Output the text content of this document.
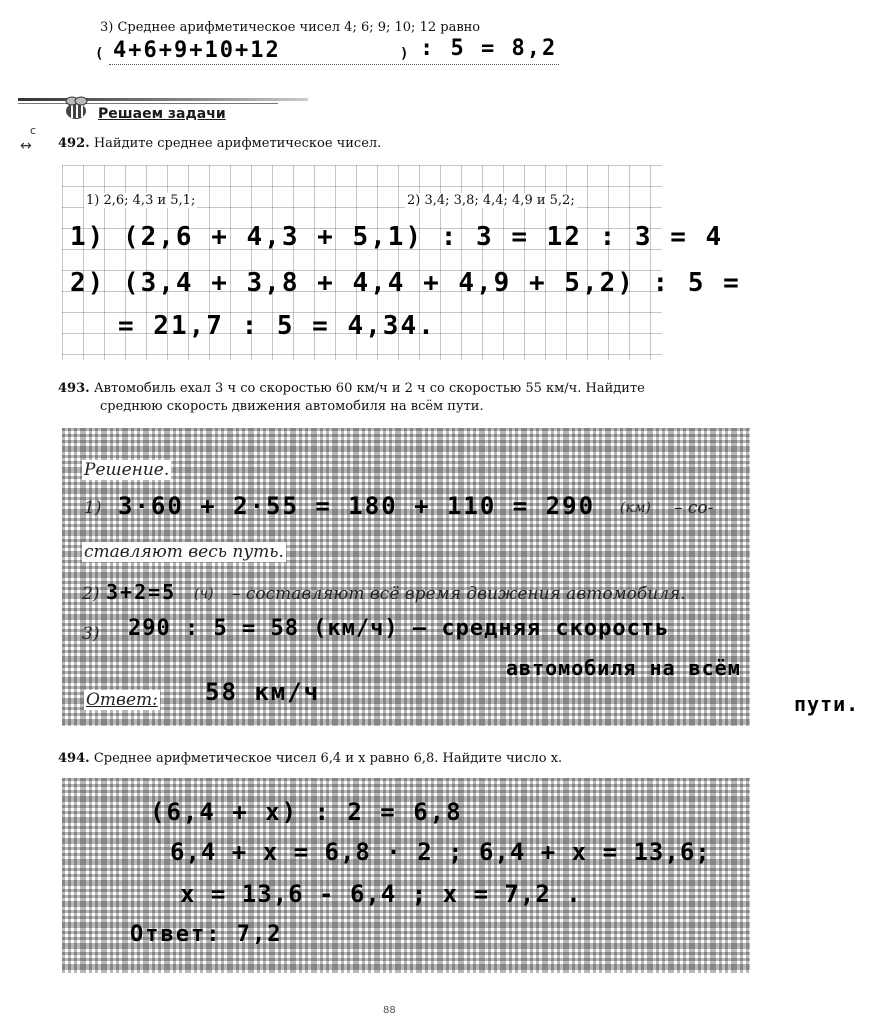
3) Среднее арифметическое чисел 4; 6; 9; 10; 12 равно
( 4+6+9+10+12	) : 5 = 8,2
Решаем задачи
c
↔ 492. Найдите среднее арифметическое чисел.
1) 2,6; 4,3 и 5,1;	2) 3,4; 3,8; 4,4; 4,9 и 5,2;
1) (2,6 + 4,3 + 5,1) : 3 = 12 : 3 = 4
2) (3,4 + 3,8 + 4,4 + 4,9 + 5,2) : 5 =
= 21,7 : 5 = 4,34.
493. Автомобиль ехал 3 ч со скоростью 60 км/ч и 2 ч со скоростью 55 км/ч. Найдите
среднюю скорость движения автомобиля на всём пути.
Решение.
1) 3·60 + 2·55 = 180 + 110 = 290 (км) – со-
ставляют весь путь.
2) 3+2=5 (ч) – составляют всё время движения автомобиля.
3) 290 : 5 = 58 (км/ч) – средняя скорость
автомобиля на всём
пути.
Ответ: 58 км/ч
494. Среднее арифметическое чисел 6,4 и x равно 6,8. Найдите число x.
(6,4 + x) : 2 = 6,8
6,4 + x = 6,8 · 2 ; 6,4 + x = 13,6;
x = 13,6 - 6,4 ; x = 7,2 .
Ответ: 7,2
88
